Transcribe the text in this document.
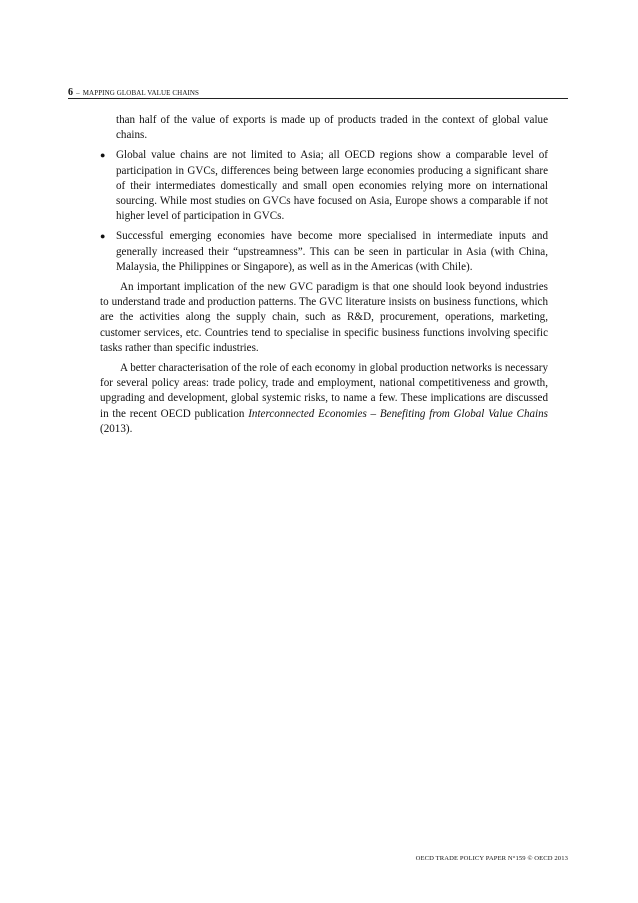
6 – MAPPING GLOBAL VALUE CHAINS

than half of the value of exports is made up of products traded in the context of global value chains.

● Global value chains are not limited to Asia; all OECD regions show a comparable level of participation in GVCs, differences being between large economies producing a significant share of their intermediates domestically and small open economies relying more on international sourcing. While most studies on GVCs have focused on Asia, Europe shows a comparable if not higher level of participation in GVCs.
● Successful emerging economies have become more specialised in intermediate inputs and generally increased their “upstreamness”. This can be seen in particular in Asia (with China, Malaysia, the Philippines or Singapore), as well as in the Americas (with Chile).

An important implication of the new GVC paradigm is that one should look beyond industries to understand trade and production patterns. The GVC literature insists on business functions, which are the activities along the supply chain, such as R&D, procurement, operations, marketing, customer services, etc. Countries tend to specialise in specific business functions involving specific tasks rather than specific industries.

A better characterisation of the role of each economy in global production networks is necessary for several policy areas: trade policy, trade and employment, national competitiveness and growth, upgrading and development, global systemic risks, to name a few. These implications are discussed in the recent OECD publication Interconnected Economies – Benefiting from Global Value Chains (2013).

OECD TRADE POLICY PAPER N°159 © OECD 2013
